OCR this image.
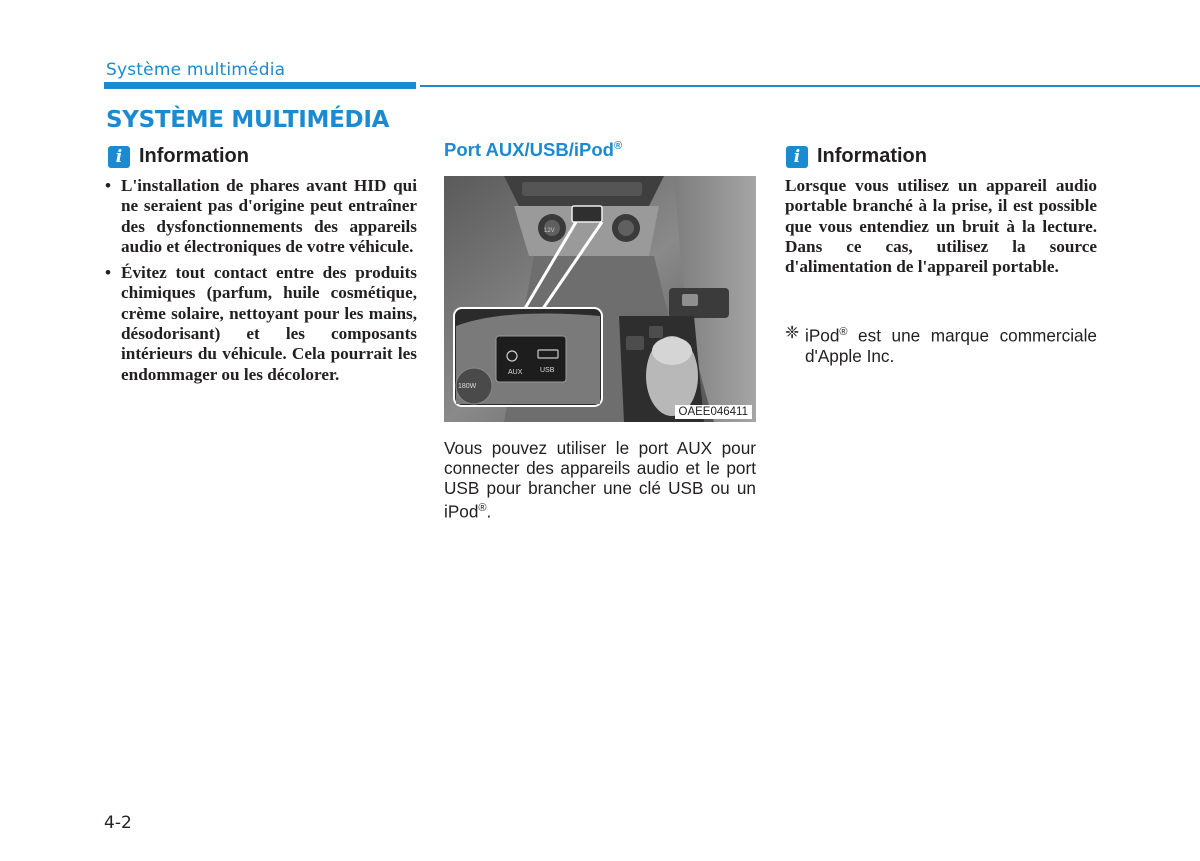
Système multimédia
SYSTÈME MULTIMÉDIA
i Information
• L'installation de phares avant HID qui ne seraient pas d'origine peut entraîner des dysfonctionnements des appareils audio et électroniques de votre véhicule.
• Évitez tout contact entre des produits chimiques (parfum, huile cosmétique, crème solaire, nettoyant pour les mains, désodorisant) et les composants intérieurs du véhicule. Cela pourrait les endommager ou les décolorer.
Port AUX/USB/iPod®
AUX	USB
180W
12V
OAEE046411

Vous pouvez utiliser le port AUX pour connecter des appareils audio et le port USB pour brancher une clé USB ou un iPod®.

i Information

Lorsque vous utilisez un appareil audio portable branché à la prise, il est possible que vous entendiez un bruit à la lecture. Dans ce cas, utilisez la source d'alimentation de l'appareil portable.

❈ iPod® est une marque commerciale d'Apple Inc.
4-2
